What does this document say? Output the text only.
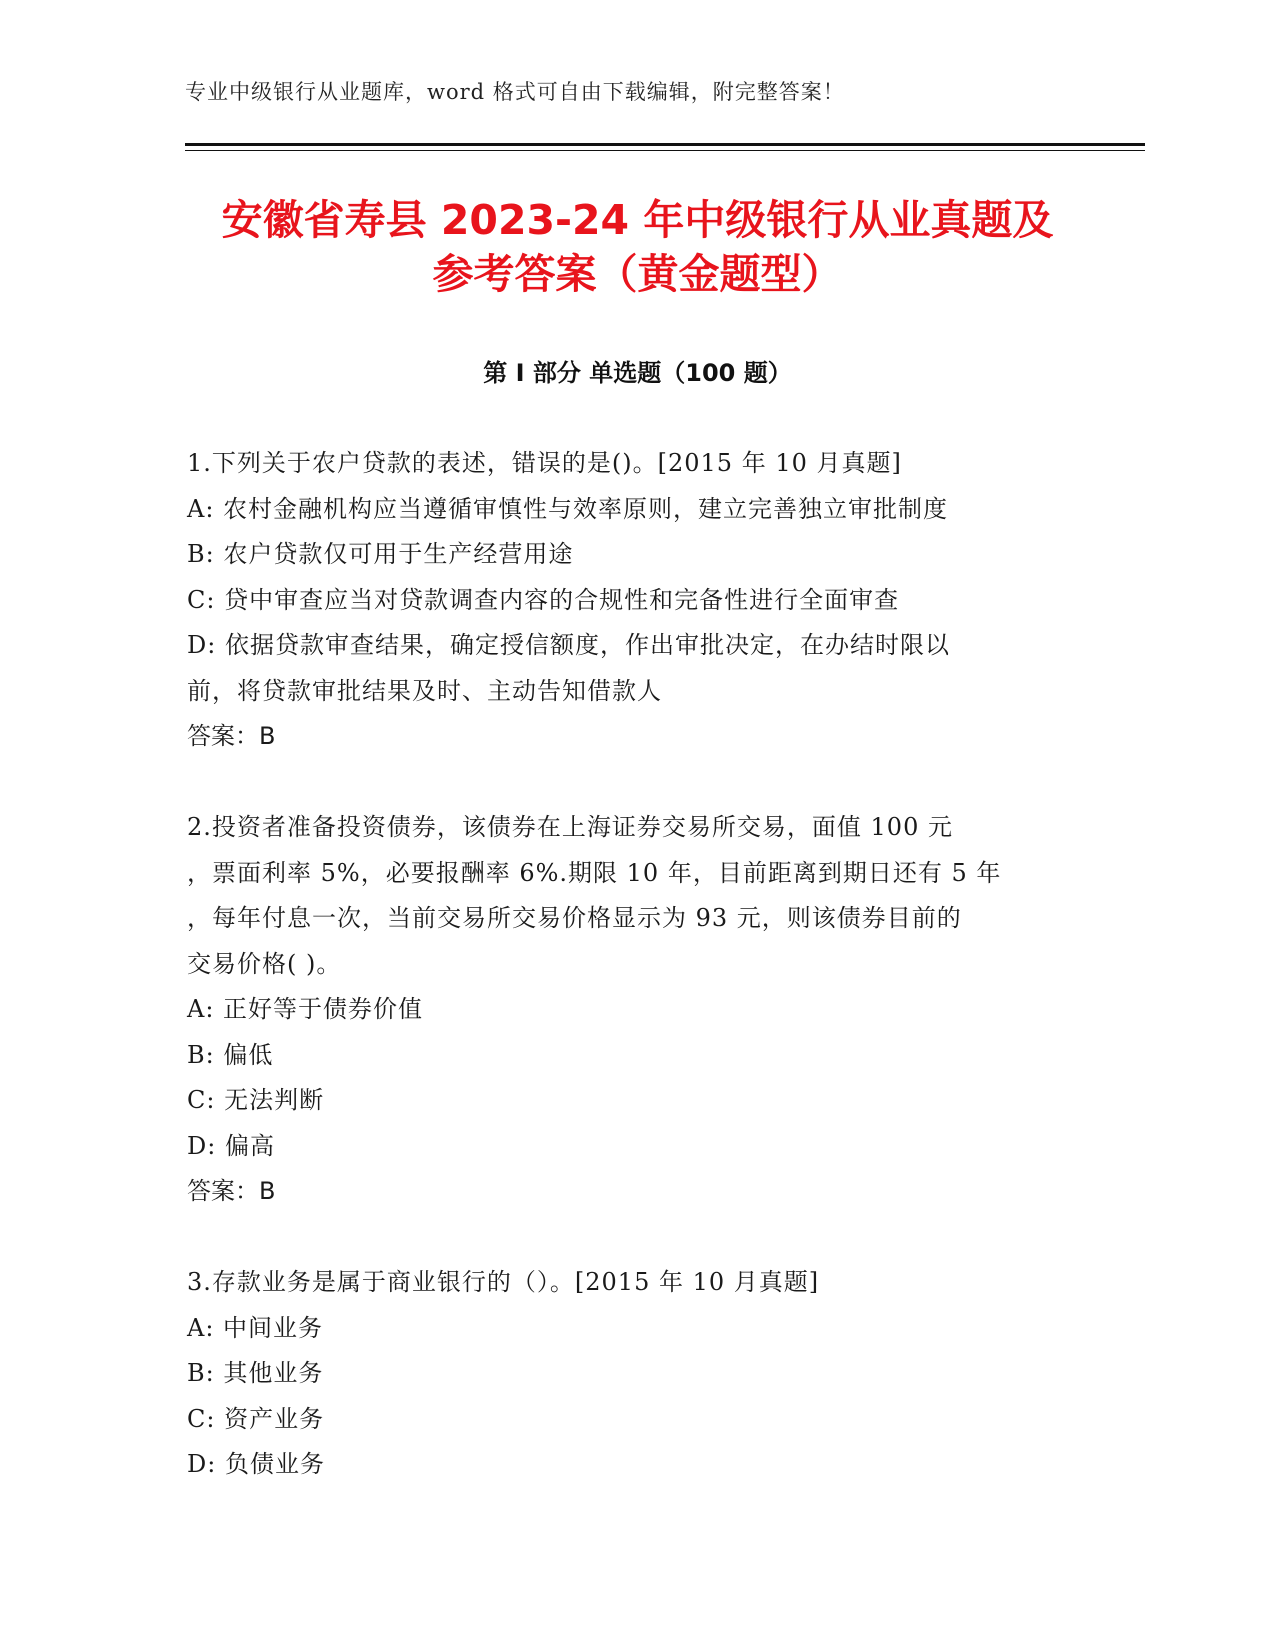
专业中级银行从业题库，word 格式可自由下载编辑，附完整答案！
安徽省寿县 2023-24 年中级银行从业真题及
参考答案（黄金题型）
第 I 部分 单选题（100 题）
1.下列关于农户贷款的表述，错误的是()。[2015 年 10 月真题]
A: 农村金融机构应当遵循审慎性与效率原则，建立完善独立审批制度
B: 农户贷款仅可用于生产经营用途
C: 贷中审查应当对贷款调查内容的合规性和完备性进行全面审查
D: 依据贷款审查结果，确定授信额度，作出审批决定，在办结时限以
前，将贷款审批结果及时、主动告知借款人
答案：B
2.投资者准备投资债券，该债券在上海证券交易所交易，面值 100 元
，票面利率 5%，必要报酬率 6%.期限 10 年，目前距离到期日还有 5 年
，每年付息一次，当前交易所交易价格显示为 93 元，则该债券目前的
交易价格( )。
A: 正好等于债券价值
B: 偏低
C: 无法判断
D: 偏高
答案：B
3.存款业务是属于商业银行的（）。[2015 年 10 月真题]
A: 中间业务
B: 其他业务
C: 资产业务
D: 负债业务
